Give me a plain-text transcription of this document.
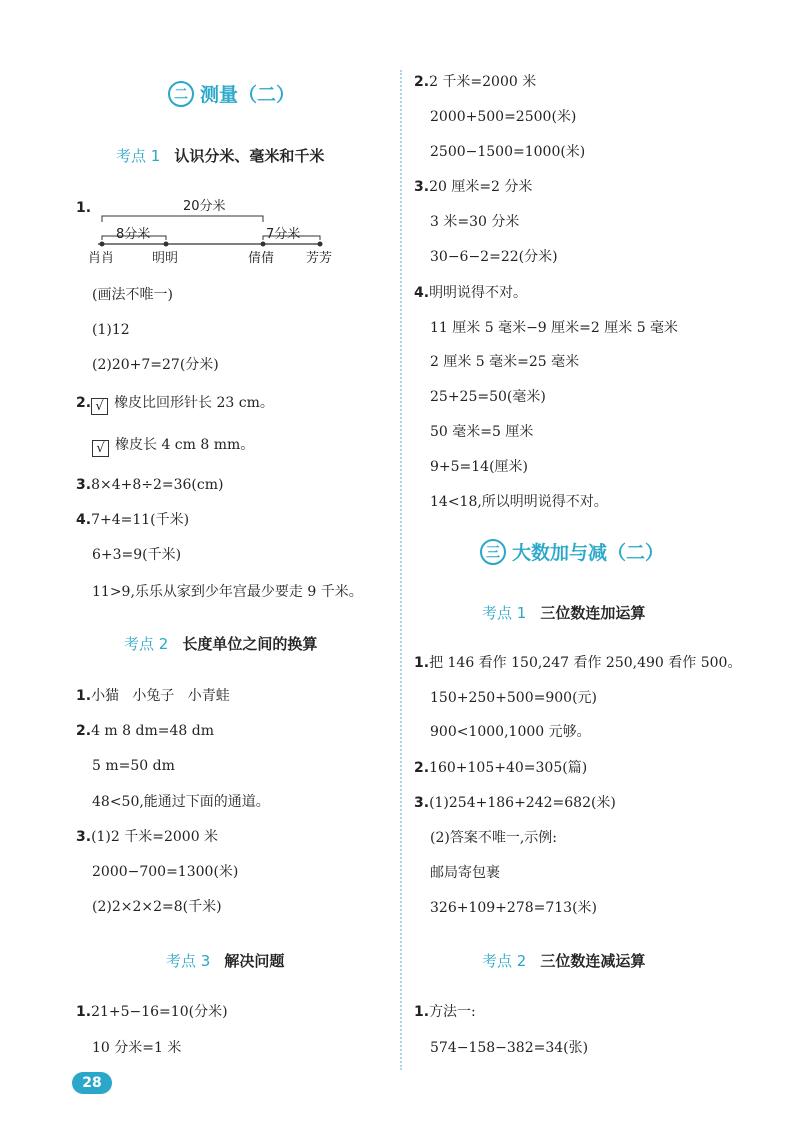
二 测量（二）
考点 1 认识分米、毫米和千米
1.	20分米
8分米	7分米
肖肖	明明	倩倩 芳芳
(画法不唯一)
(1)12
(2)20+7=27(分米)
2. √ 橡皮比回形针长 23 cm。
√ 橡皮长 4 cm 8 mm。
3.8×4+8÷2=36(cm)
4.7+4=11(千米)
6+3=9(千米)
11>9,乐乐从家到少年宫最少要走 9 千米。
考点 2 长度单位之间的换算
1.小猫   小兔子   小青蛙
2.4 m 8 dm=48 dm
5 m=50 dm
48<50,能通过下面的通道。
3.(1)2 千米=2000 米
2000−700=1300(米)
(2)2×2×2=8(千米)
考点 3 解决问题
1.21+5−16=10(分米)
10 分米=1 米
28
2.2 千米=2000 米
2000+500=2500(米)
2500−1500=1000(米)
3.20 厘米=2 分米
3 米=30 分米
30−6−2=22(分米)
4.明明说得不对。
11 厘米 5 毫米−9 厘米=2 厘米 5 毫米
2 厘米 5 毫米=25 毫米
25+25=50(毫米)
50 毫米=5 厘米
9+5=14(厘米)
14<18,所以明明说得不对。
三 大数加与减（二）
考点 1 三位数连加运算
1.把 146 看作 150,247 看作 250,490 看作 500。
150+250+500=900(元)
900<1000,1000 元够。
2.160+105+40=305(篇)
3.(1)254+186+242=682(米)
(2)答案不唯一,示例:
邮局寄包裹
326+109+278=713(米)
考点 2 三位数连减运算
1.方法一:
574−158−382=34(张)
